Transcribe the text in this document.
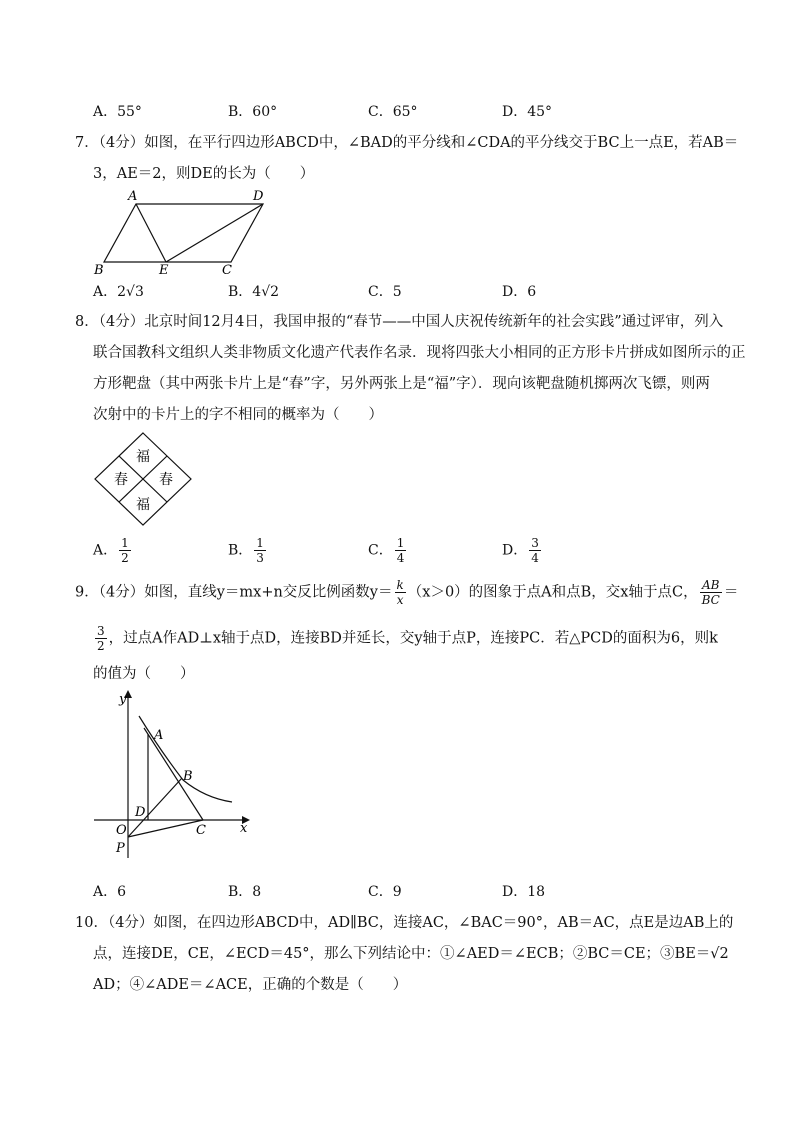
A．55°	B．60°	C．65°	D．45°
7．（4分）如图，在平行四边形ABCD中，∠BAD的平分线和∠CDA的平分线交于BC上一点E，若AB＝
3，AE＝2，则DE的长为（　　）
A	D
B	E	C
A．2√3	B．4√2	C．5	D．6
8．（4分）北京时间12月4日，我国申报的“春节——中国人庆祝传统新年的社会实践”通过评审，列入
联合国教科文组织人类非物质文化遗产代表作名录．现将四张大小相同的正方形卡片拼成如图所示的正
方形靶盘（其中两张卡片上是“春”字，另外两张上是“福”字）．现向该靶盘随机掷两次飞镖，则两
次射中的卡片上的字不相同的概率为（　　）
福
春 春
福
A． $\frac{1}{2}$	B． $\frac{1}{3}$	C． $\frac{1}{4}$	D． $\frac{3}{4}$
9．（4分）如图，直线y＝mx+n交反比例函数$y= \frac{k}{x} (x>0)$的图象于点A和点B，交x轴于点C， $\frac{AB}{BC}$ ＝
$\frac{3}{2}$ ，过点A作AD⊥x轴于点D，连接BD并延长，交y轴于点P，连接PC．若△PCD的面积为6，则k
的值为（　　）
y
x
A
B
D
O	C
P
A．6	B．8	C．9	D．18
10．（4分）如图，在四边形ABCD中，AD∥BC，连接AC，∠BAC＝90°，AB＝AC，点E是边AB上的
点，连接DE，CE，∠ECD＝45°，那么下列结论中：①∠AED＝∠ECB；②BC＝CE；③BE＝√2
AD；④∠ADE＝∠ACE，正确的个数是（　　）
